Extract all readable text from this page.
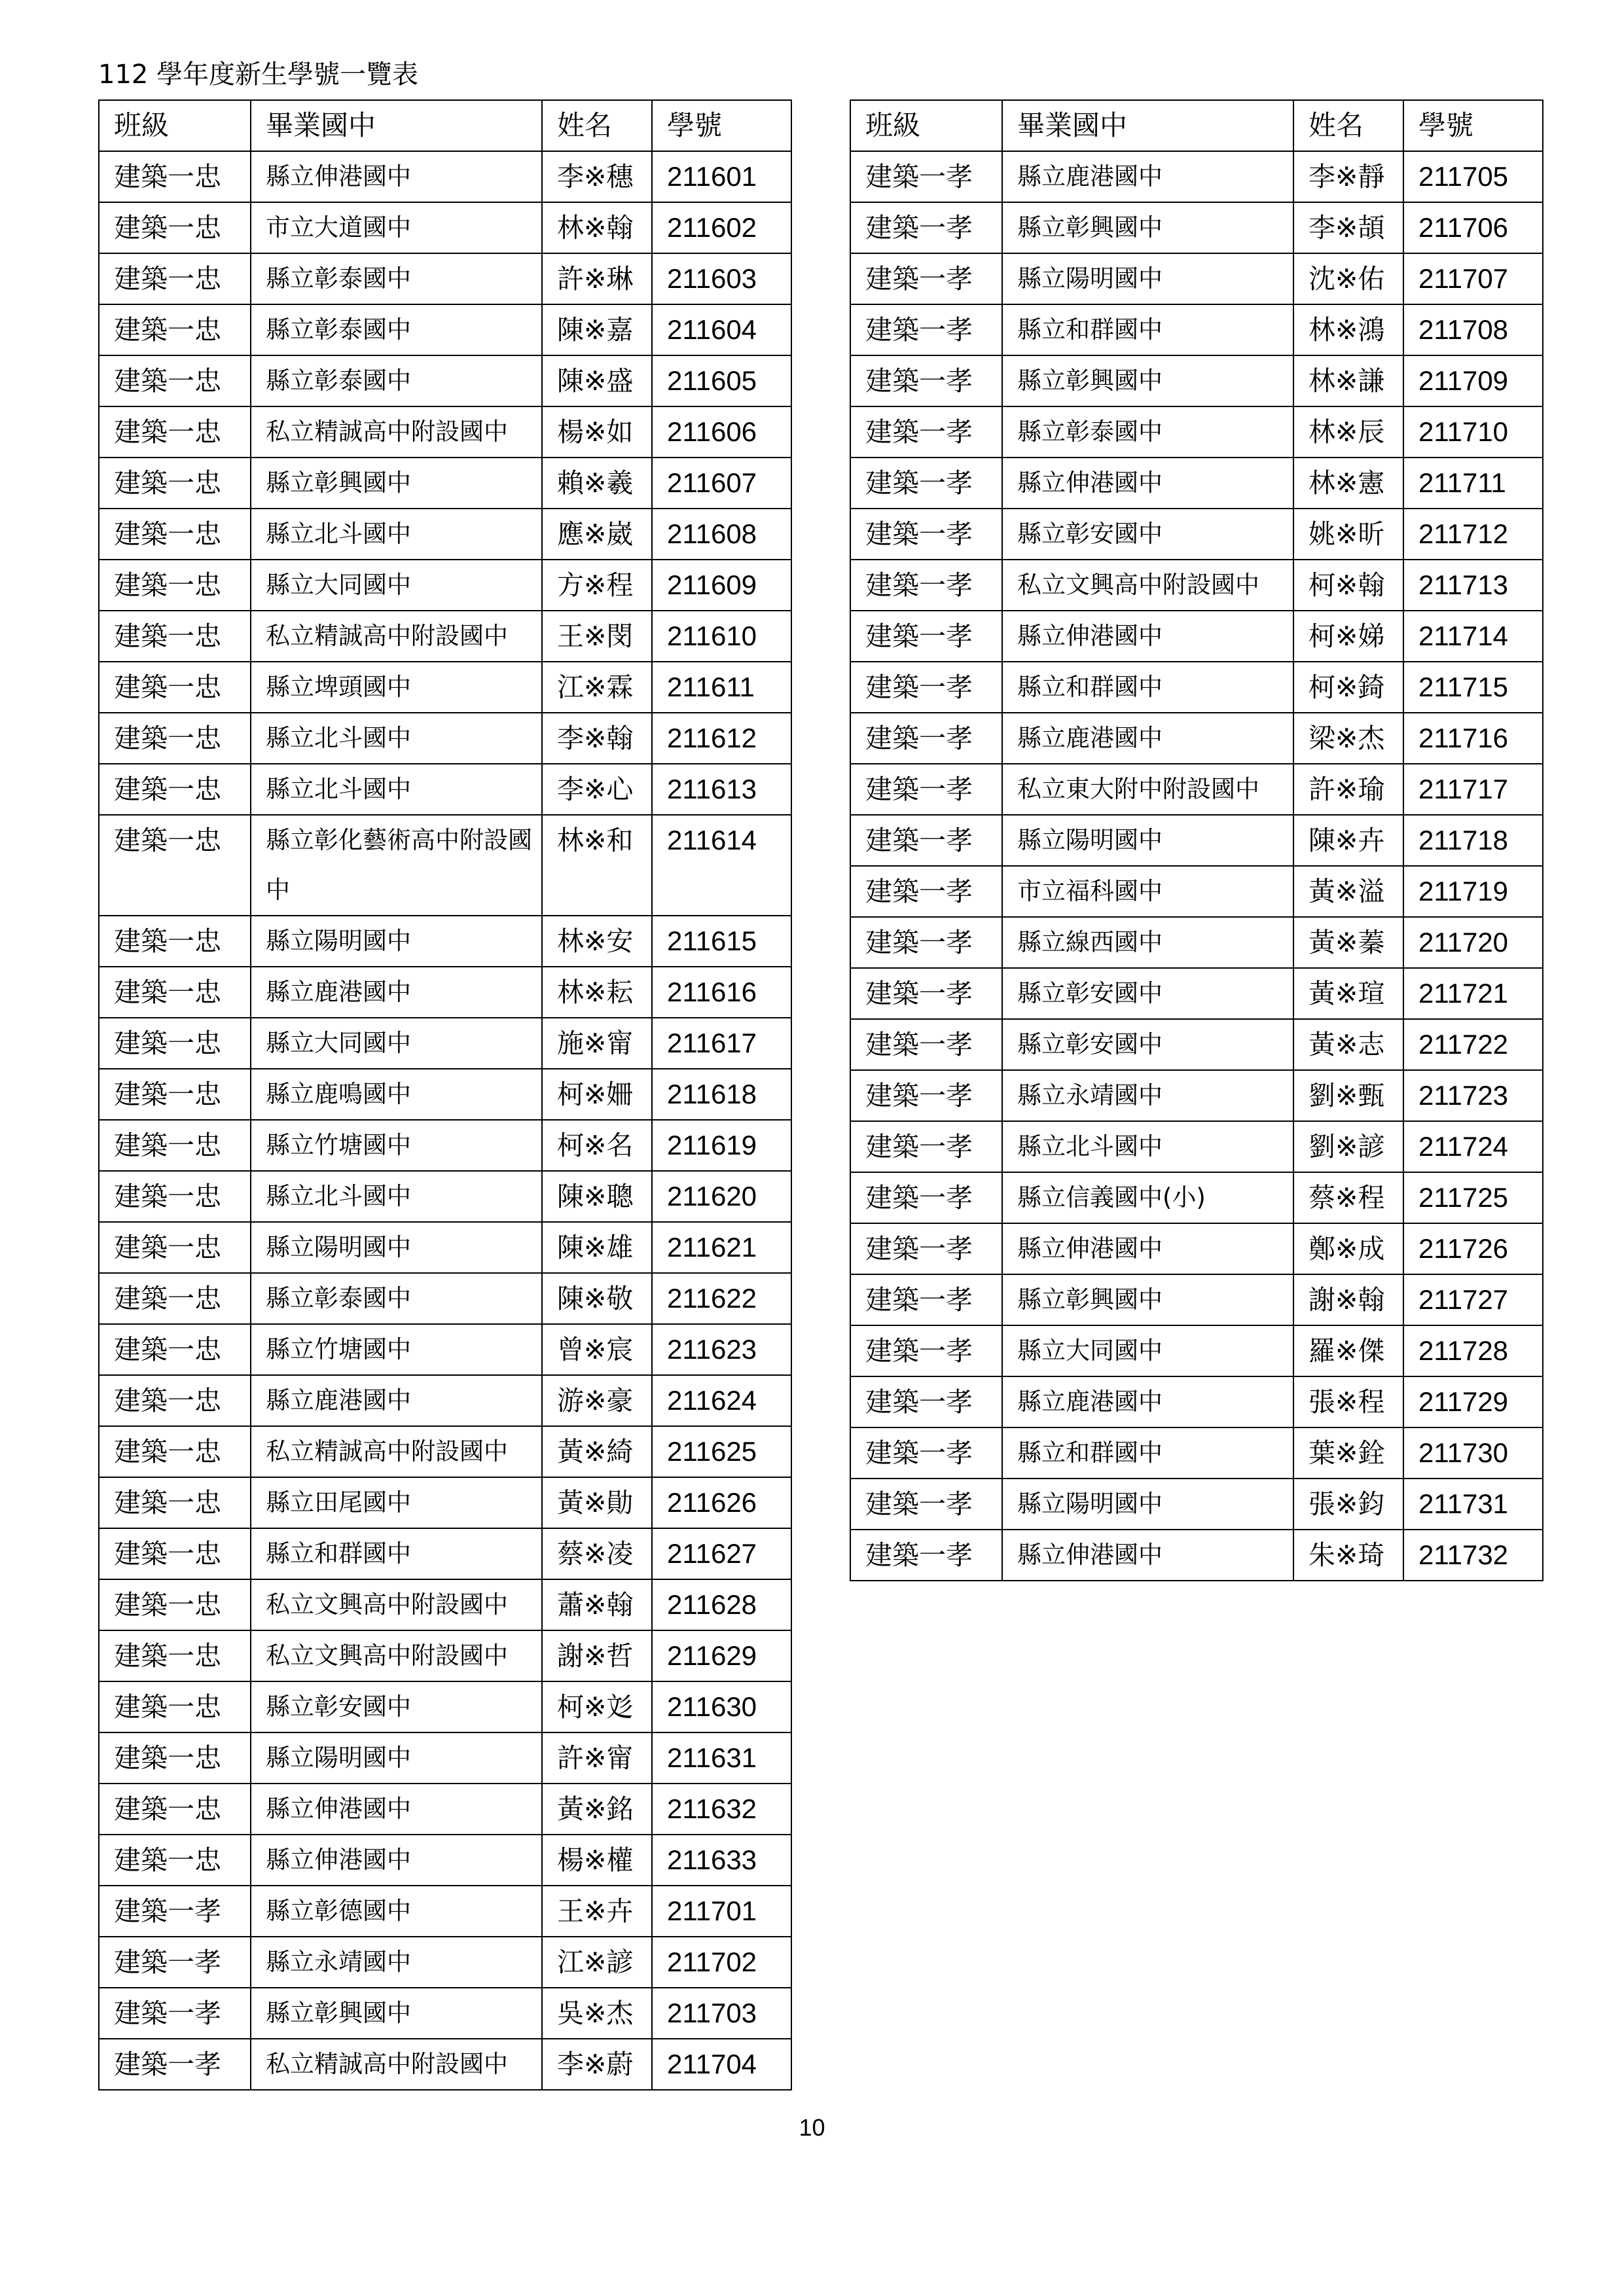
112 學年度新生學號一覽表
班級	畢業國中	姓名	學號
建築一忠	縣立伸港國中	李※穗	211601
建築一忠	市立大道國中	林※翰	211602
建築一忠	縣立彰泰國中	許※琳	211603
建築一忠	縣立彰泰國中	陳※嘉	211604
建築一忠	縣立彰泰國中	陳※盛	211605
建築一忠	私立精誠高中附設國中	楊※如	211606
建築一忠	縣立彰興國中	賴※羲	211607
建築一忠	縣立北斗國中	應※崴	211608
建築一忠	縣立大同國中	方※程	211609
建築一忠	私立精誠高中附設國中	王※閔	211610
建築一忠	縣立埤頭國中	江※霖	211611
建築一忠	縣立北斗國中	李※翰	211612
建築一忠	縣立北斗國中	李※心	211613
建築一忠	縣立彰化藝術高中附設國中	林※和	211614
建築一忠	縣立陽明國中	林※安	211615
建築一忠	縣立鹿港國中	林※耘	211616
建築一忠	縣立大同國中	施※甯	211617
建築一忠	縣立鹿鳴國中	柯※姍	211618
建築一忠	縣立竹塘國中	柯※名	211619
建築一忠	縣立北斗國中	陳※聰	211620
建築一忠	縣立陽明國中	陳※雄	211621
建築一忠	縣立彰泰國中	陳※敬	211622
建築一忠	縣立竹塘國中	曾※宸	211623
建築一忠	縣立鹿港國中	游※豪	211624
建築一忠	私立精誠高中附設國中	黃※綺	211625
建築一忠	縣立田尾國中	黃※勛	211626
建築一忠	縣立和群國中	蔡※凌	211627
建築一忠	私立文興高中附設國中	蕭※翰	211628
建築一忠	私立文興高中附設國中	謝※哲	211629
建築一忠	縣立彰安國中	柯※彣	211630
建築一忠	縣立陽明國中	許※甯	211631
建築一忠	縣立伸港國中	黃※銘	211632
建築一忠	縣立伸港國中	楊※權	211633
建築一孝	縣立彰德國中	王※卉	211701
建築一孝	縣立永靖國中	江※諺	211702
建築一孝	縣立彰興國中	吳※杰	211703
建築一孝	私立精誠高中附設國中	李※蔚	211704
班級	畢業國中	姓名	學號
建築一孝	縣立鹿港國中	李※靜	211705
建築一孝	縣立彰興國中	李※頡	211706
建築一孝	縣立陽明國中	沈※佑	211707
建築一孝	縣立和群國中	林※鴻	211708
建築一孝	縣立彰興國中	林※謙	211709
建築一孝	縣立彰泰國中	林※辰	211710
建築一孝	縣立伸港國中	林※憲	211711
建築一孝	縣立彰安國中	姚※昕	211712
建築一孝	私立文興高中附設國中	柯※翰	211713
建築一孝	縣立伸港國中	柯※娣	211714
建築一孝	縣立和群國中	柯※錡	211715
建築一孝	縣立鹿港國中	梁※杰	211716
建築一孝	私立東大附中附設國中	許※瑜	211717
建築一孝	縣立陽明國中	陳※卉	211718
建築一孝	市立福科國中	黃※溢	211719
建築一孝	縣立線西國中	黃※蓁	211720
建築一孝	縣立彰安國中	黃※瑄	211721
建築一孝	縣立彰安國中	黃※志	211722
建築一孝	縣立永靖國中	劉※甄	211723
建築一孝	縣立北斗國中	劉※諺	211724
建築一孝	縣立信義國中(小)	蔡※程	211725
建築一孝	縣立伸港國中	鄭※成	211726
建築一孝	縣立彰興國中	謝※翰	211727
建築一孝	縣立大同國中	羅※傑	211728
建築一孝	縣立鹿港國中	張※程	211729
建築一孝	縣立和群國中	葉※銓	211730
建築一孝	縣立陽明國中	張※鈞	211731
建築一孝	縣立伸港國中	朱※琦	211732
10
